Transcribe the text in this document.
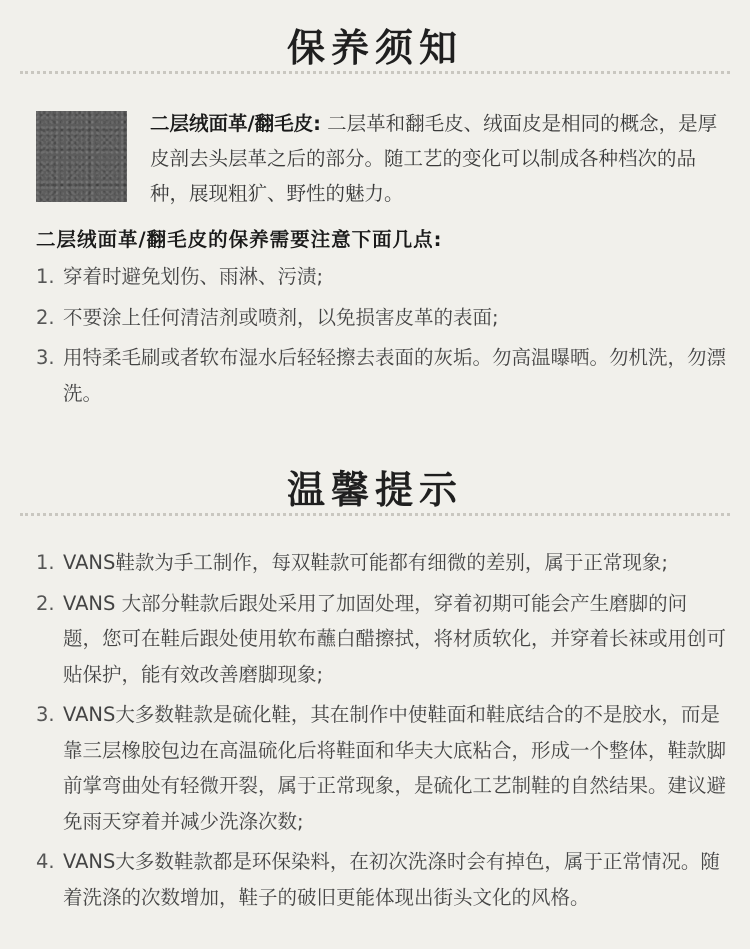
保养须知

二层绒面革/翻毛皮: 二层革和翻毛皮、绒面皮是相同的概念，是厚皮剖去头层革之后的部分。随工艺的变化可以制成各种档次的品种，展现粗犷、野性的魅力。

二层绒面革/翻毛皮的保养需要注意下面几点:
1. 穿着时避免划伤、雨淋、污渍;
2. 不要涂上任何清洁剂或喷剂，以免损害皮革的表面;
3. 用特柔毛刷或者软布湿水后轻轻擦去表面的灰垢。勿高温曝晒。勿机洗，勿漂洗。
温馨提示
1. VANS鞋款为手工制作，每双鞋款可能都有细微的差别，属于正常现象;
2. VANS 大部分鞋款后跟处采用了加固处理，穿着初期可能会产生磨脚的问题，您可在鞋后跟处使用软布蘸白醋擦拭，将材质软化，并穿着长袜或用创可贴保护，能有效改善磨脚现象;
3. VANS大多数鞋款是硫化鞋，其在制作中使鞋面和鞋底结合的不是胶水，而是靠三层橡胶包边在高温硫化后将鞋面和华夫大底粘合，形成一个整体，鞋款脚前掌弯曲处有轻微开裂，属于正常现象，是硫化工艺制鞋的自然结果。建议避免雨天穿着并减少洗涤次数;
4. VANS大多数鞋款都是环保染料，在初次洗涤时会有掉色，属于正常情况。随着洗涤的次数增加，鞋子的破旧更能体现出街头文化的风格。
